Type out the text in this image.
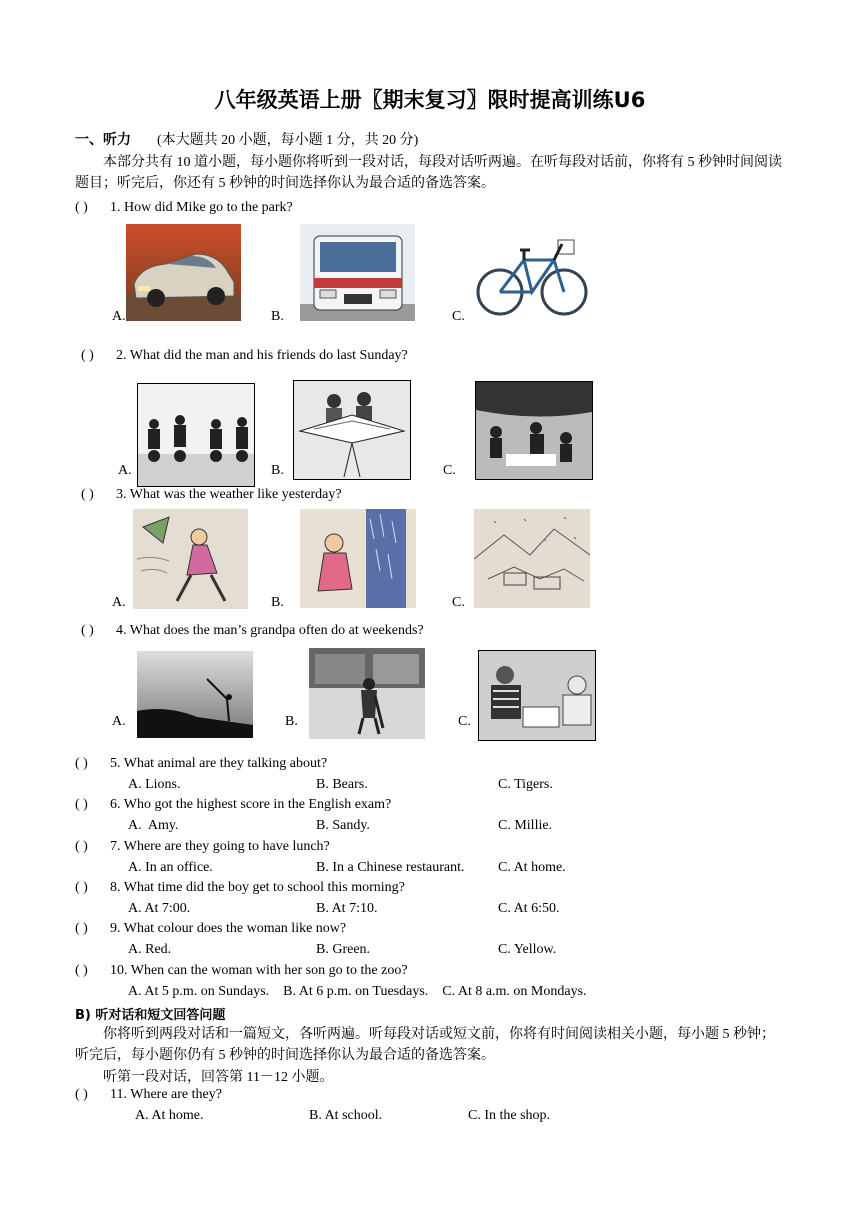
八年级英语上册〖期末复习〗限时提高训练U6
一、听力 (本大题共 20 小题，每小题 1 分，共 20 分)
本部分共有 10 道小题，每小题你将听到一段对话，每段对话听两遍。在听每段对话前，你将有 5 秒钟时间阅读题目；听完后，你还有 5 秒钟的时间选择你认为最合适的备选答案。
( ) 1. How did Mike go to the park?
A.	B.	C.
( ) 2. What did the man and his friends do last Sunday?
A.	B.	C.
( ) 3. What was the weather like yesterday?
A.	B.	C.
( ) 4. What does the man’s grandpa often do at weekends?
A.	B.	C.
( ) 5. What animal are they talking about?
A. Lions.	B. Bears.	C. Tigers.
( ) 6. Who got the highest score in the English exam?
A.  Amy.	B. Sandy.	C. Millie.
( ) 7. Where are they going to have lunch?
A. In an office.	B. In a Chinese restaurant. C. At home.
( ) 8. What time did the boy get to school this morning?
A. At 7:00.	B. At 7:10.	C. At 6:50.
( ) 9. What colour does the woman like now?
A. Red.	B. Green.	C. Yellow.
( ) 10. When can the woman with her son go to the zoo?
A. At 5 p.m. on Sundays.    B. At 6 p.m. on Tuesdays.    C. At 8 a.m. on Mondays.
B) 听对话和短文回答问题
你将听到两段对话和一篇短文，各听两遍。听每段对话或短文前，你将有时间阅读相关小题，每小题 5 秒钟；听完后，每小题你仍有 5 秒钟的时间选择你认为最合适的备选答案。
听第一段对话，回答第 11－12 小题。
( ) 11. Where are they?
A. At home.	B. At school.	C. In the shop.
